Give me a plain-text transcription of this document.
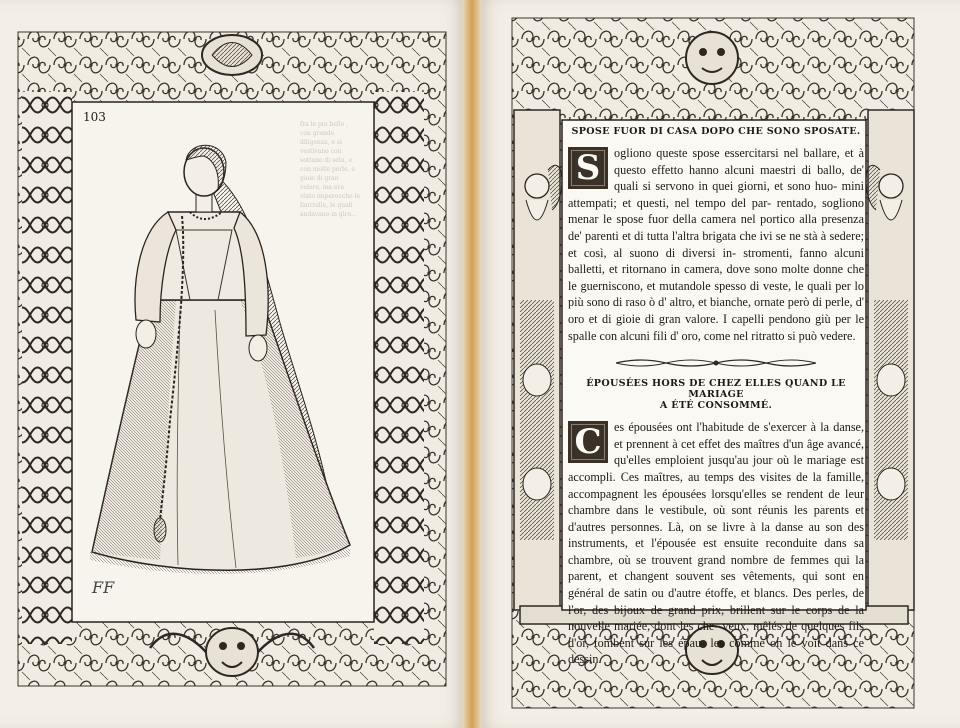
103
fra le piu belle , con grande diligenza, e si vestivano con sottane di seta, e con molte perle, e gioie di gran valore, ma era stato imperocche le fanciulle, le quali andavano in giro...
FF

SPOSE FUOR DI CASA DOPO CHE SONO SPOSATE.

S	ogliono queste spose essercitarsi nel ballare, et à questo effetto hanno alcuni maestri di ballo, de' quali si servono in quei giorni, et sono huo- mini attempati; et questi, nel tempo del par- rentado, sogliono menar le spose fuor della camera nel portico alla presenza de' parenti et di tutta l'altra brigata che ivi se ne stà à sedere; et così, al suono di diversi in- stromenti, fanno alcuni balletti, et ritornano in camera, dove sono molte donne che le guerniscono, et mutandole spesso di veste, le quali per lo più sono di raso ò d' altro, et bianche, ornate però di perle, d' oro et di gioie di gran valore. I capelli pendono giù per le spalle con alcuni fili d' oro, come nel ritratto si può vedere.

ÉPOUSÉES HORS DE CHEZ ELLES QUAND LE MARIAGE

A ÉTÉ CONSOMMÉ.

C	es épousées ont l'habitude de s'exercer à la danse, et prennent à cet effet des maîtres d'un âge avancé, qu'elles emploient jusqu'au jour où le mariage est accompli. Ces maîtres, au temps des visites de la famille, accompagnent les épousées lorsqu'elles se rendent de leur chambre dans le vestibule, où sont réunis les parents et d'autres personnes. Là, on se livre à la danse au son des instruments, et l'épousée est ensuite reconduite dans sa chambre, où se trouvent grand nombre de femmes qui la parent, et changent souvent ses vêtements, qui sont en général de satin ou d'autre étoffe, et blancs. Des perles, de l'or, des bijoux de grand prix, brillent sur le corps de la nouvelle mariée, dont les che- veux, mêlés de quelques fils d'or, tombent sur les épau- les comme on le voit dans ce dessin.
